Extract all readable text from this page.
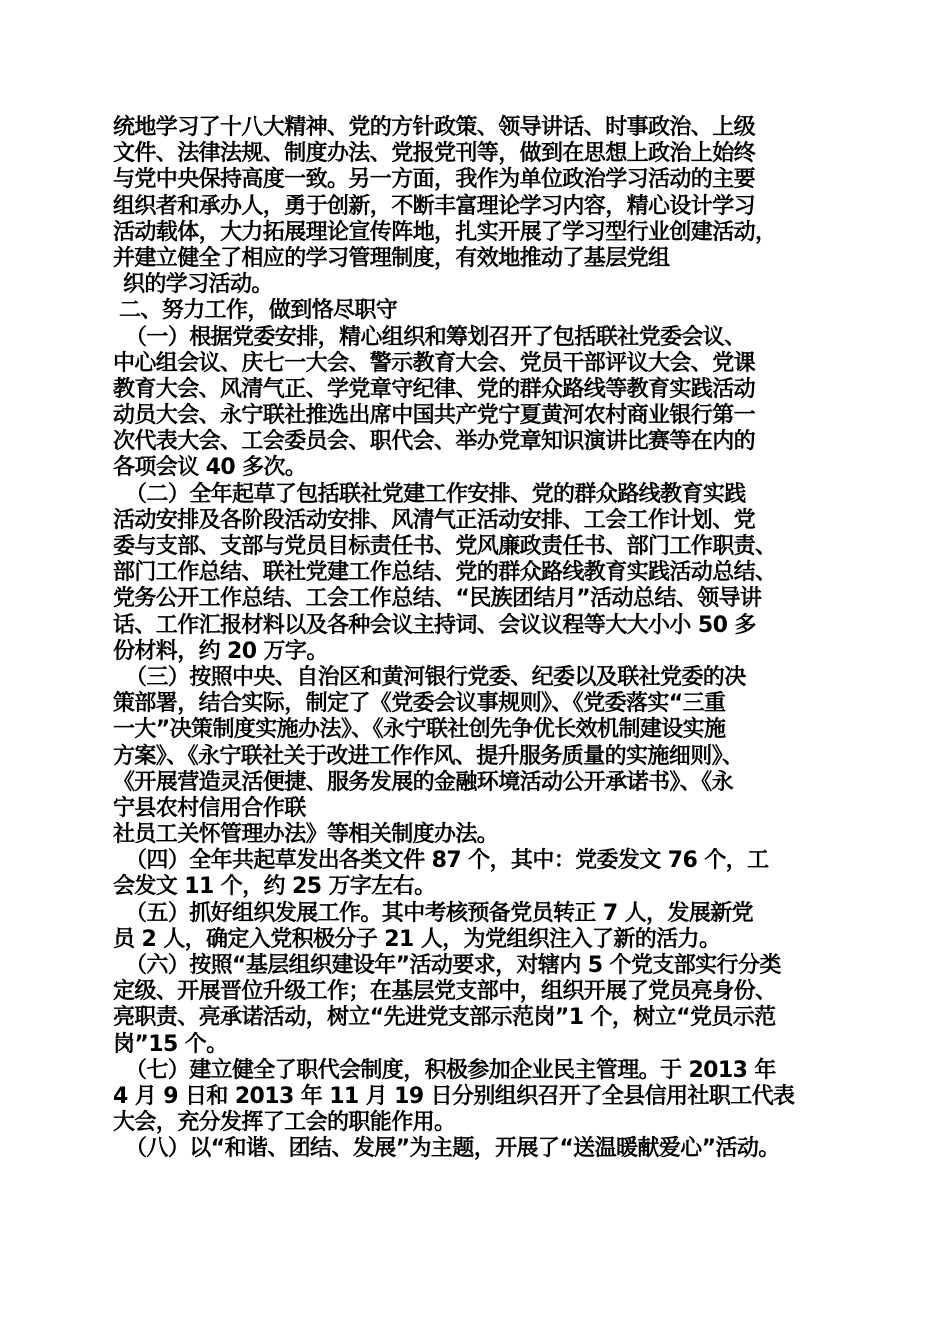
统地学习了十八大精神、党的方针政策、领导讲话、时事政治、上级
文件、法律法规、制度办法、党报党刊等，做到在思想上政治上始终
与党中央保持高度一致。另一方面，我作为单位政治学习活动的主要
组织者和承办人，勇于创新，不断丰富理论学习内容，精心设计学习
活动载体，大力拓展理论宣传阵地，扎实开展了学习型行业创建活动，
并建立健全了相应的学习管理制度，有效地推动了基层党组
织的学习活动。
二、努力工作，做到恪尽职守
（一）根据党委安排，精心组织和筹划召开了包括联社党委会议、
中心组会议、庆七一大会、警示教育大会、党员干部评议大会、党课
教育大会、风清气正、学党章守纪律、党的群众路线等教育实践活动
动员大会、永宁联社推选出席中国共产党宁夏黄河农村商业银行第一
次代表大会、工会委员会、职代会、举办党章知识演讲比赛等在内的
各项会议 40 多次。
（二）全年起草了包括联社党建工作安排、党的群众路线教育实践
活动安排及各阶段活动安排、风清气正活动安排、工会工作计划、党
委与支部、支部与党员目标责任书、党风廉政责任书、部门工作职责、
部门工作总结、联社党建工作总结、党的群众路线教育实践活动总结、
党务公开工作总结、工会工作总结、“民族团结月”活动总结、领导讲
话、工作汇报材料以及各种会议主持词、会议议程等大大小小 50 多
份材料，约 20 万字。
（三）按照中央、自治区和黄河银行党委、纪委以及联社党委的决
策部署，结合实际，制定了《党委会议事规则》、《党委落实“三重
一大”决策制度实施办法》、《永宁联社创先争优长效机制建设实施
方案》、《永宁联社关于改进工作作风、提升服务质量的实施细则》、
《开展营造灵活便捷、服务发展的金融环境活动公开承诺书》、《永
宁县农村信用合作联
社员工关怀管理办法》等相关制度办法。
（四）全年共起草发出各类文件 87 个，其中：党委发文 76 个，工
会发文 11 个，约 25 万字左右。
（五）抓好组织发展工作。其中考核预备党员转正 7 人，发展新党
员 2 人，确定入党积极分子 21 人，为党组织注入了新的活力。
（六）按照“基层组织建设年”活动要求，对辖内 5 个党支部实行分类
定级、开展晋位升级工作；在基层党支部中，组织开展了党员亮身份、
亮职责、亮承诺活动，树立“先进党支部示范岗”1 个，树立“党员示范
岗”15 个。
（七）建立健全了职代会制度，积极参加企业民主管理。于 2013 年
4 月 9 日和 2013 年 11 月 19 日分别组织召开了全县信用社职工代表
大会，充分发挥了工会的职能作用。
（八）以“和谐、团结、发展”为主题，开展了“送温暖献爱心”活动。
